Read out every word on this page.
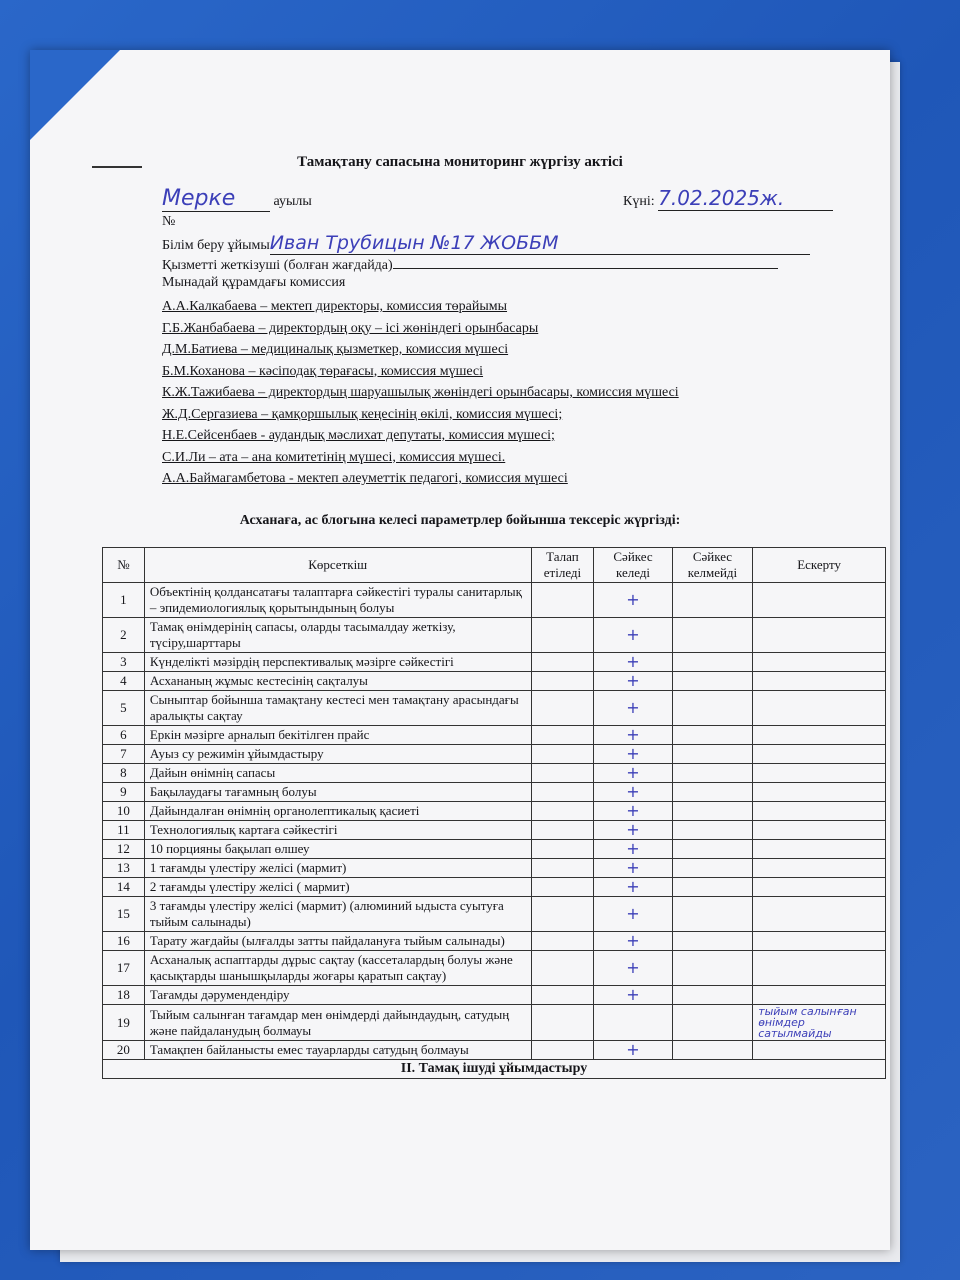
Тамақтану сапасына мониторинг жүргізу актісі
Мерке	ауылы	Күні: 7.02.2025ж.
№
Білім беру ұйымыИван Трубицын №17 ЖОББМ
Қызметті жеткізуші (болған жағдайда)
Мынадай құрамдағы комиссия
А.А.Калкабаева – мектеп директоры, комиссия төрайымы
Г.Б.Жанбабаева – директордың оқу – ісі жөніндегі орынбасары
Д.М.Батиева – медициналық қызметкер, комиссия мүшесі
Б.М.Коханова – кәсіподақ төрағасы, комиссия мүшесі
К.Ж.Тажибаева – директордың шаруашылық жөніндегі орынбасары, комиссия мүшесі
Ж.Д.Сергазиева – қамқоршылық кеңесінің өкілі, комиссия мүшесі;
Н.Е.Сейсенбаев - аудандық мәслихат депутаты, комиссия мүшесі;
С.И.Ли – ата – ана комитетінің мүшесі, комиссия мүшесі.
А.А.Баймагамбетова - мектеп әлеуметтік педагогі, комиссия мүшесі
Асханаға, ас блогына келесі параметрлер бойынша тексеріс жүргізді:
№	Көрсеткіш	Талап етіледі	Сәйкес келеді	Сәйкес келмейді	Ескерту
1	Объектінің қолдансатағы талаптарға сәйкестігі туралы санитарлық – эпидемиологиялық қорытындының болуы		+		
2	Тамақ өнімдерінің сапасы, оларды тасымалдау жеткізу, түсіру,шарттары		+		
3	Күнделікті мәзірдің перспективалық мәзірге сәйкестігі		+		
4	Асхананың жұмыс кестесінің сақталуы		+		
5	Сыныптар бойынша тамақтану кестесі мен тамақтану арасындағы аралықты сақтау		+		
6	Еркін мәзірге арналып бекітілген прайс		+		
7	Ауыз су режимін ұйымдастыру		+		
8	Дайын өнімнің сапасы		+		
9	Бақылаудағы тағамның болуы		+		
10	Дайындалған өнімнің органолептикалық қасиеті		+		
11	Технологиялық картаға сәйкестігі		+		
12	10 порцияны бақылап өлшеу		+		
13	1 тағамды үлестіру желісі (мармит)		+		
14	2 тағамды үлестіру желісі ( мармит)		+		
15	3 тағамды үлестіру желісі (мармит) (алюминий ыдыста суытуға тыйым салынады)		+		
16	Тарату жағдайы (ылғалды затты пайдалануға тыйым салынады)		+		
17	Асханалық аспаптарды дұрыс сақтау (кассеталардың болуы және қасықтарды шанышқыларды жоғары қаратып сақтау)		+		
18	Тағамды дәрумендендіру		+		
19	Тыйым салынған тағамдар мен өнімдерді дайындаудың, сатудың және пайдаланудың болмауы				тыйым салынған өнімдер сатылмайды
20	Тамақпен байланысты емес тауарларды сатудың болмауы		+		
II. Тамақ ішуді ұйымдастыру					
